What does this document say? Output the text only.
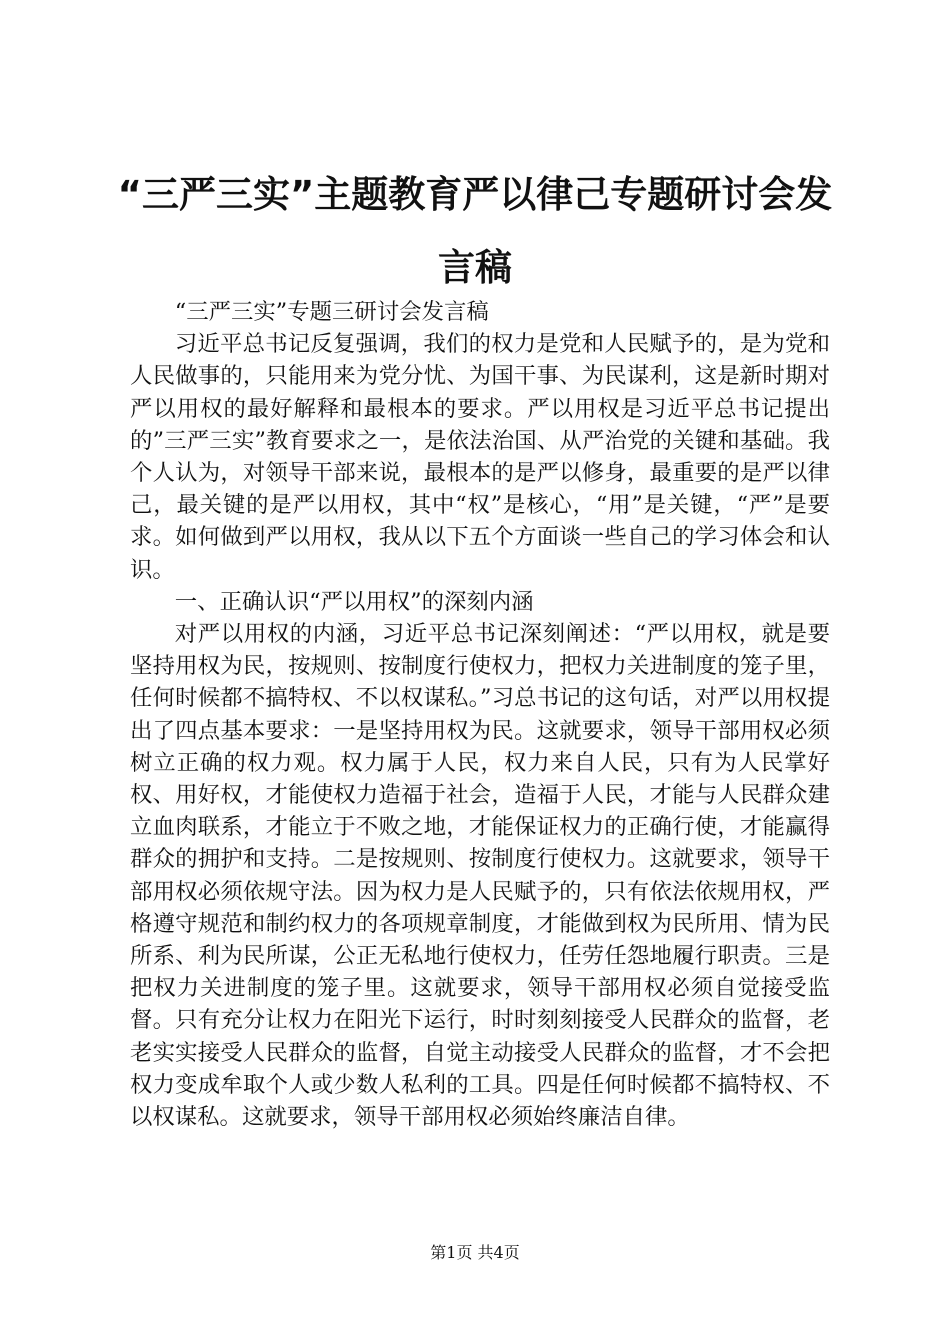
“三严三实”主题教育严以律己专题研讨会发言稿

“三严三实”专题三研讨会发言稿

习近平总书记反复强调，我们的权力是党和人民赋予的，是为党和人民做事的，只能用来为党分忧、为国干事、为民谋利，这是新时期对严以用权的最好解释和最根本的要求。严以用权是习近平总书记提出的”三严三实”教育要求之一，是依法治国、从严治党的关键和基础。我个人认为，对领导干部来说，最根本的是严以修身，最重要的是严以律己，最关键的是严以用权，其中“权”是核心，“用”是关键，“严”是要求。如何做到严以用权，我从以下五个方面谈一些自己的学习体会和认识。

一、正确认识“严以用权”的深刻内涵

对严以用权的内涵，习近平总书记深刻阐述：“严以用权，就是要坚持用权为民，按规则、按制度行使权力，把权力关进制度的笼子里，任何时候都不搞特权、不以权谋私。”习总书记的这句话，对严以用权提出了四点基本要求：一是坚持用权为民。这就要求，领导干部用权必须树立正确的权力观。权力属于人民，权力来自人民，只有为人民掌好权、用好权，才能使权力造福于社会，造福于人民，才能与人民群众建立血肉联系，才能立于不败之地，才能保证权力的正确行使，才能赢得群众的拥护和支持。二是按规则、按制度行使权力。这就要求，领导干部用权必须依规守法。因为权力是人民赋予的，只有依法依规用权，严格遵守规范和制约权力的各项规章制度，才能做到权为民所用、情为民所系、利为民所谋，公正无私地行使权力，任劳任怨地履行职责。三是把权力关进制度的笼子里。这就要求，领导干部用权必须自觉接受监督。只有充分让权力在阳光下运行，时时刻刻接受人民群众的监督，老老实实接受人民群众的监督，自觉主动接受人民群众的监督，才不会把权力变成牟取个人或少数人私利的工具。四是任何时候都不搞特权、不以权谋私。这就要求，领导干部用权必须始终廉洁自律。

第1页 共4页
